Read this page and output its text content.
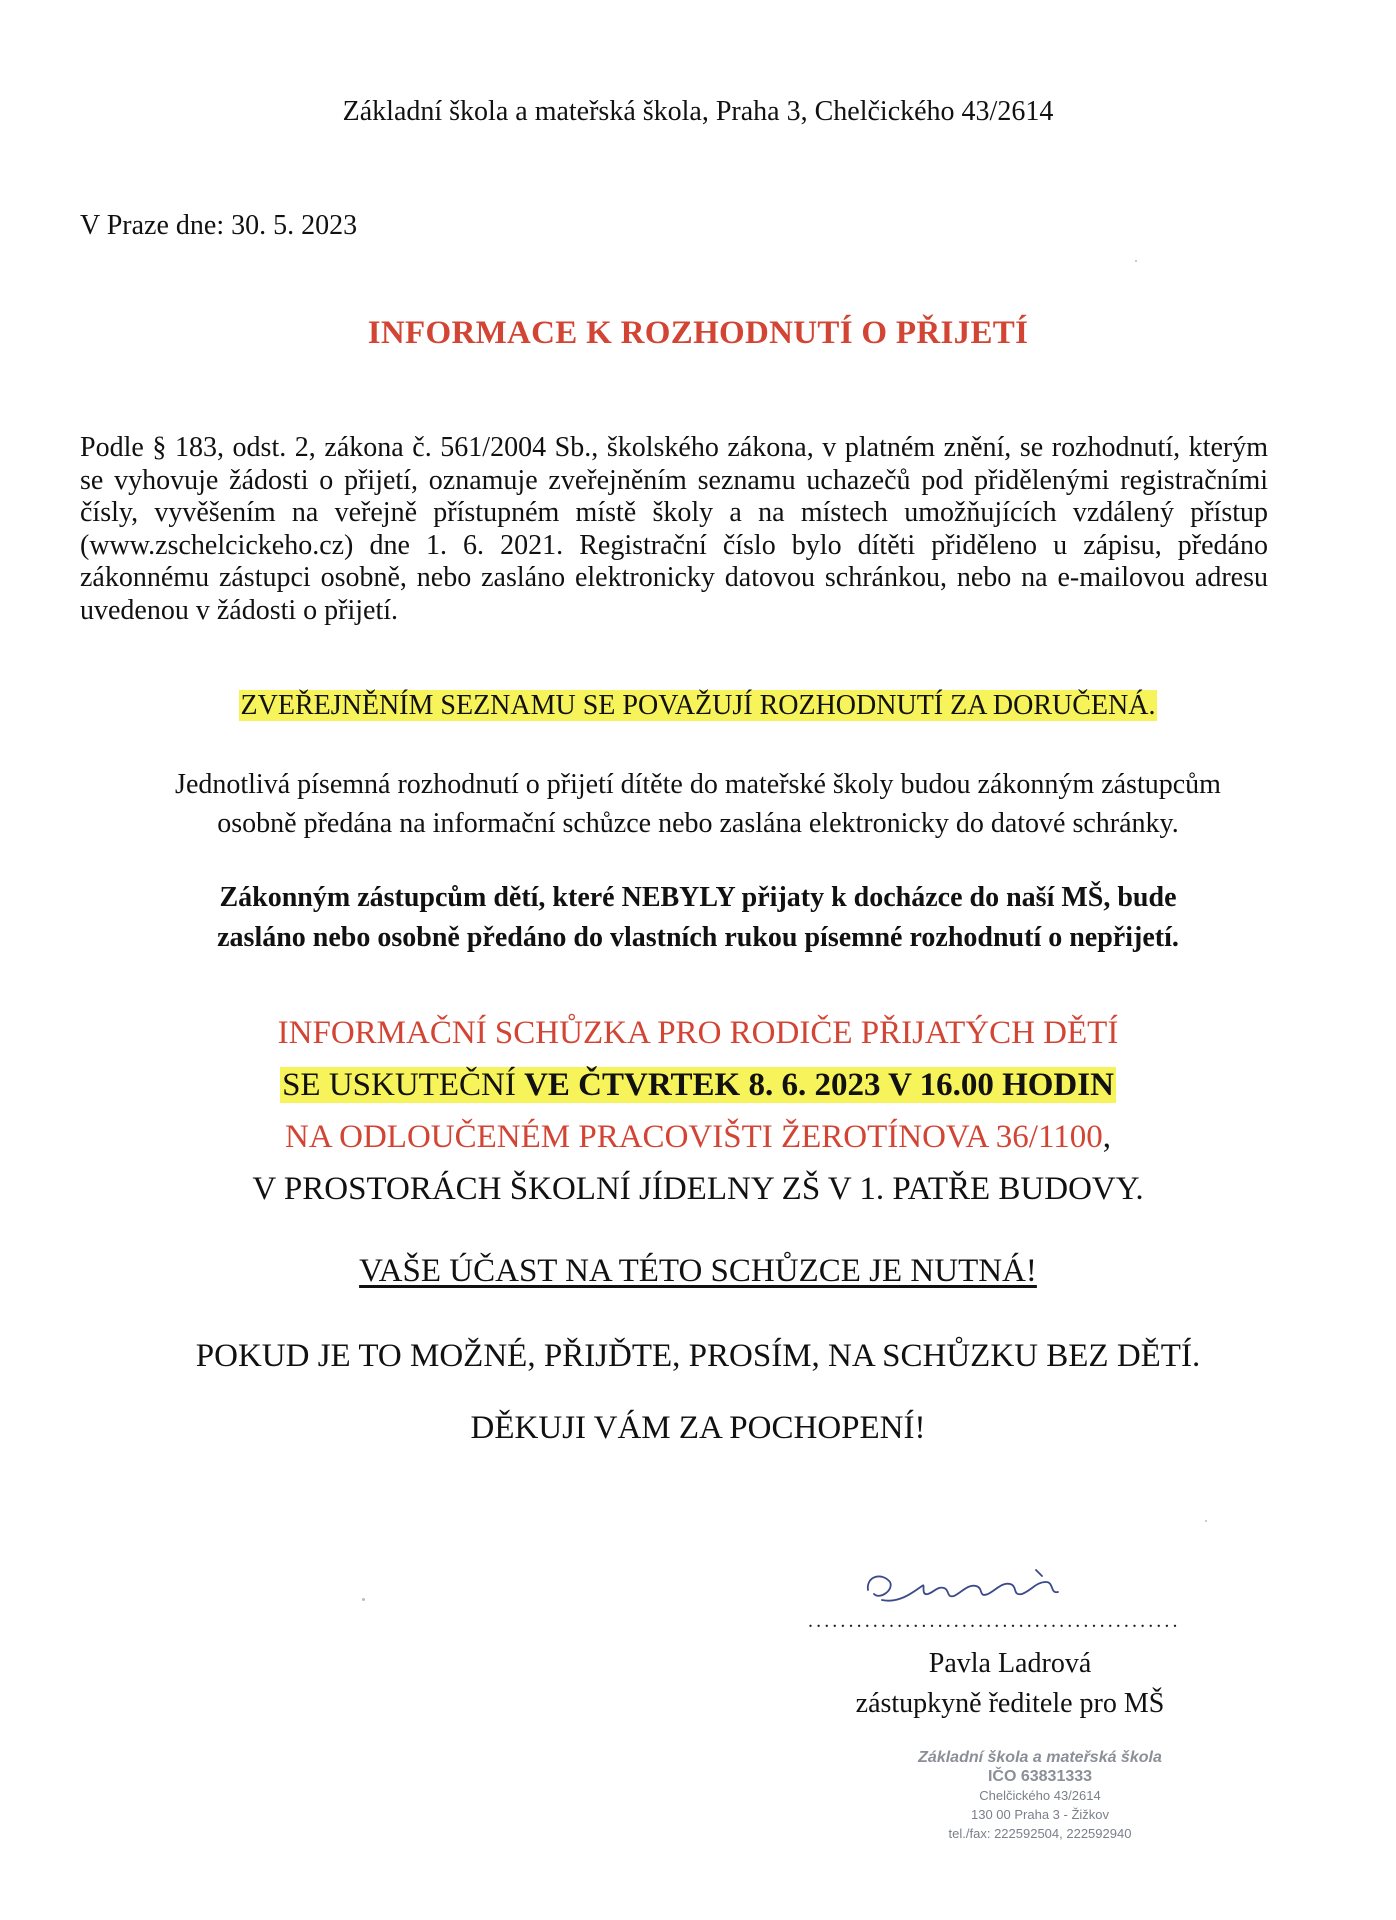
Základní škola a mateřská škola, Praha 3, Chelčického 43/2614
V Praze dne: 30. 5. 2023
INFORMACE K ROZHODNUTÍ O PŘIJETÍ
Podle § 183, odst. 2, zákona č. 561/2004 Sb., školského zákona, v platném znění, se rozhodnutí, kterým se vyhovuje žádosti o přijetí, oznamuje zveřejněním seznamu uchazečů pod přidělenými registračními čísly, vyvěšením na veřejně přístupném místě školy a na místech umožňujících vzdálený přístup (www.zschelcickeho.cz) dne 1. 6. 2021. Registrační číslo bylo dítěti přiděleno u zápisu, předáno zákonnému zástupci osobně, nebo zasláno elektronicky datovou schránkou, nebo na e-mailovou adresu uvedenou v žádosti o přijetí.
ZVEŘEJNĚNÍM SEZNAMU SE POVAŽUJÍ ROZHODNUTÍ ZA DORUČENÁ.
Jednotlivá písemná rozhodnutí o přijetí dítěte do mateřské školy budou zákonným zástupcům
osobně předána na informační schůzce nebo zaslána elektronicky do datové schránky.
Zákonným zástupcům dětí, které NEBYLY přijaty k docházce do naší MŠ, bude
zasláno nebo osobně předáno do vlastních rukou písemné rozhodnutí o nepřijetí.
INFORMAČNÍ SCHŮZKA PRO RODIČE PŘIJATÝCH DĚTÍ
SE USKUTEČNÍ VE ČTVRTEK 8. 6. 2023 V 16.00 HODIN
NA ODLOUČENÉM PRACOVIŠTI ŽEROTÍNOVA 36/1100,
V PROSTORÁCH ŠKOLNÍ JÍDELNY ZŠ V 1. PATŘE BUDOVY.
VAŠE ÚČAST NA TÉTO SCHŮZCE JE NUTNÁ!
POKUD JE TO MOŽNÉ, PŘIJĎTE, PROSÍM, NA SCHŮZKU BEZ DĚTÍ.
DĚKUJI VÁM ZA POCHOPENÍ!
..............................................
Pavla Ladrová
zástupkyně ředitele pro MŠ
Základní škola a mateřská škola
IČO 63831333
Chelčického 43/2614
130 00 Praha 3 - Žižkov
tel./fax: 222592504, 222592940
